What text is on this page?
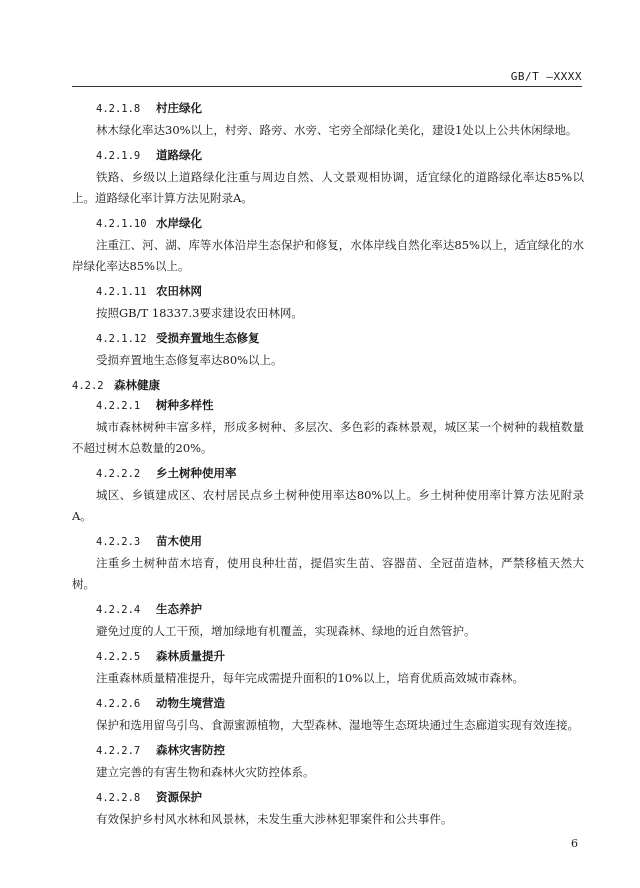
GB/T —XXXX
4.2.1.8 村庄绿化
林木绿化率达30%以上，村旁、路旁、水旁、宅旁全部绿化美化，建设1处以上公共休闲绿地。
4.2.1.9 道路绿化
铁路、乡级以上道路绿化注重与周边自然、人文景观相协调，适宜绿化的道路绿化率达85%以上。道路绿化率计算方法见附录A。
4.2.1.10 水岸绿化
注重江、河、湖、库等水体沿岸生态保护和修复，水体岸线自然化率达85%以上，适宜绿化的水岸绿化率达85%以上。
4.2.1.11 农田林网
按照GB/T 18337.3要求建设农田林网。
4.2.1.12 受损弃置地生态修复
受损弃置地生态修复率达80%以上。
4.2.2 森林健康
4.2.2.1 树种多样性
城市森林树种丰富多样，形成多树种、多层次、多色彩的森林景观，城区某一个树种的栽植数量不超过树木总数量的20%。
4.2.2.2 乡土树种使用率
城区、乡镇建成区、农村居民点乡土树种使用率达80%以上。乡土树种使用率计算方法见附录A。
4.2.2.3 苗木使用
注重乡土树种苗木培育，使用良种壮苗，提倡实生苗、容器苗、全冠苗造林，严禁移植天然大树。
4.2.2.4 生态养护
避免过度的人工干预，增加绿地有机覆盖，实现森林、绿地的近自然管护。
4.2.2.5 森林质量提升
注重森林质量精准提升，每年完成需提升面积的10%以上，培育优质高效城市森林。
4.2.2.6 动物生境营造
保护和选用留鸟引鸟、食源蜜源植物，大型森林、湿地等生态斑块通过生态廊道实现有效连接。
4.2.2.7 森林灾害防控
建立完善的有害生物和森林火灾防控体系。
4.2.2.8 资源保护
有效保护乡村风水林和风景林，未发生重大涉林犯罪案件和公共事件。
6
